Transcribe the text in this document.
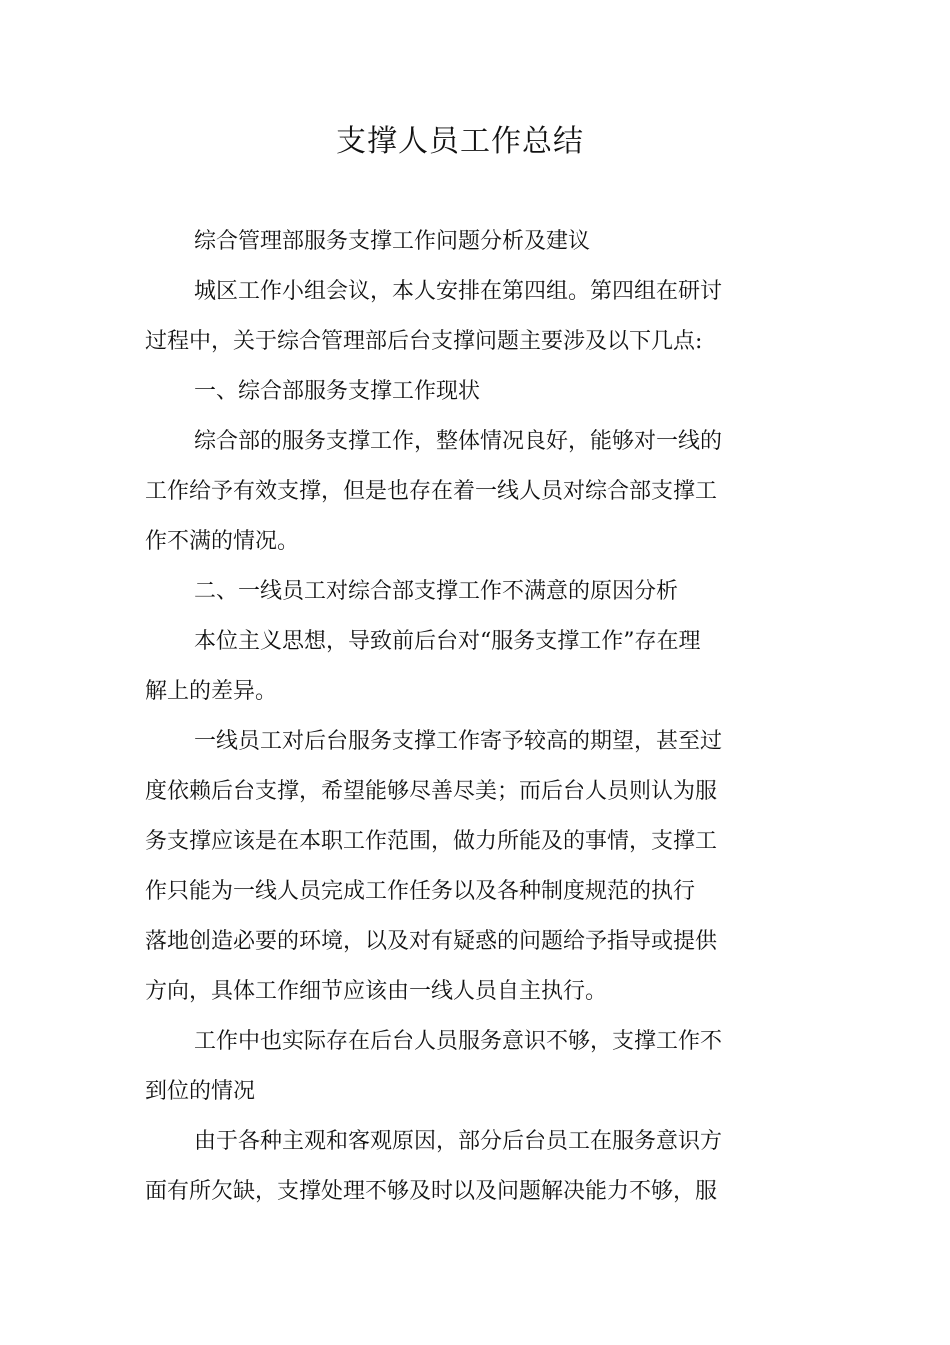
支撑人员工作总结

综合管理部服务支撑工作问题分析及建议

城区工作小组会议，本人安排在第四组。第四组在研讨

过程中，关于综合管理部后台支撑问题主要涉及以下几点:

一、综合部服务支撑工作现状

综合部的服务支撑工作，整体情况良好，能够对一线的

工作给予有效支撑，但是也存在着一线人员对综合部支撑工

作不满的情况。

二、一线员工对综合部支撑工作不满意的原因分析

本位主义思想，导致前后台对“服务支撑工作”存在理

解上的差异。

一线员工对后台服务支撑工作寄予较高的期望，甚至过

度依赖后台支撑，希望能够尽善尽美；而后台人员则认为服

务支撑应该是在本职工作范围，做力所能及的事情，支撑工

作只能为一线人员完成工作任务以及各种制度规范的执行

落地创造必要的环境，以及对有疑惑的问题给予指导或提供

方向，具体工作细节应该由一线人员自主执行。

工作中也实际存在后台人员服务意识不够，支撑工作不

到位的情况

由于各种主观和客观原因，部分后台员工在服务意识方

面有所欠缺，支撑处理不够及时以及问题解决能力不够，服
